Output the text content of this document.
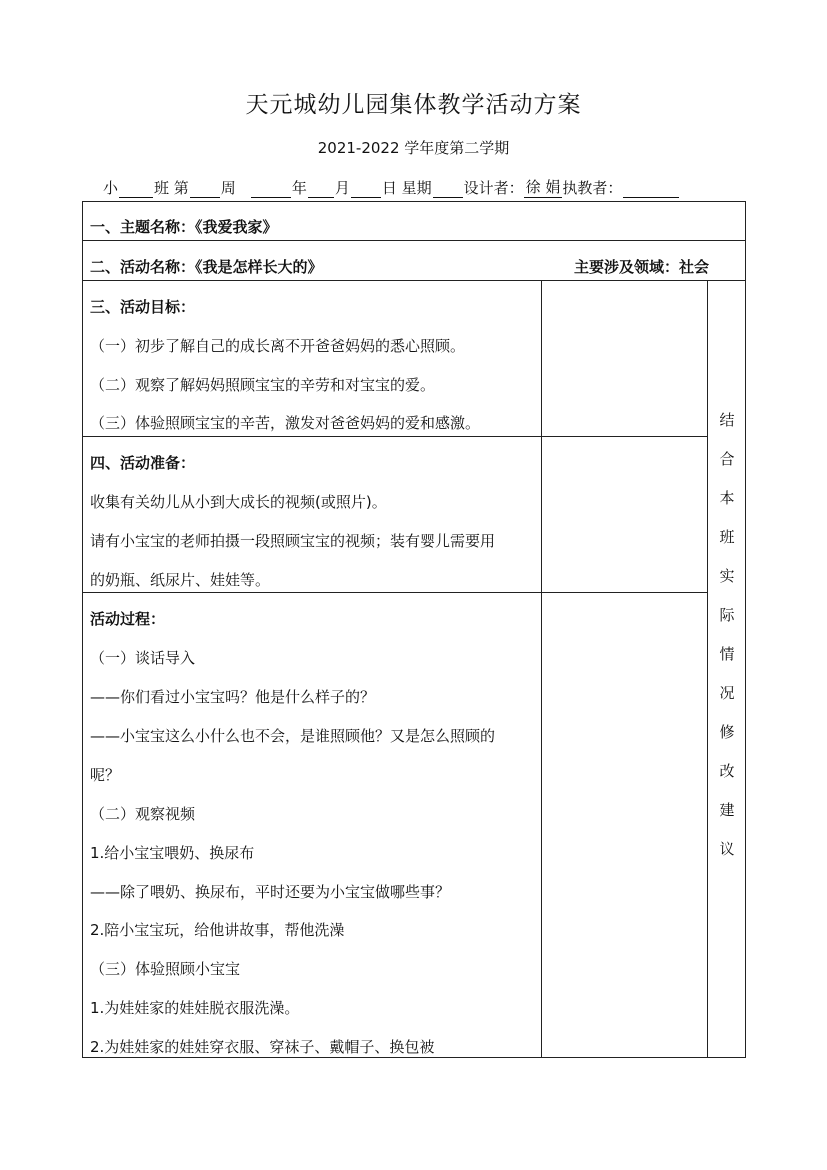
天元城幼儿园集体教学活动方案
2021-2022 学年度第二学期
小 班 第 周	年 月 日 星期 设计者： 徐 娟 执教者：
一、主题名称：《我爱我家》
二、活动名称：《我是怎样长大的》	主要涉及领域：社会
三、活动目标：
（一）初步了解自己的成长离不开爸爸妈妈的悉心照顾。
（二）观察了解妈妈照顾宝宝的辛劳和对宝宝的爱。
（三）体验照顾宝宝的辛苦，激发对爸爸妈妈的爱和感激。
四、活动准备：
收集有关幼儿从小到大成长的视频(或照片)。
请有小宝宝的老师拍摄一段照顾宝宝的视频；装有婴儿需要用
的奶瓶、纸尿片、娃娃等。
活动过程：
（一）谈话导入
——你们看过小宝宝吗？他是什么样子的？
——小宝宝这么小什么也不会，是谁照顾他？又是怎么照顾的
呢？
（二）观察视频
1.给小宝宝喂奶、换尿布
——除了喂奶、换尿布，平时还要为小宝宝做哪些事？
2.陪小宝宝玩，给他讲故事，帮他洗澡
（三）体验照顾小宝宝
1.为娃娃家的娃娃脱衣服洗澡。
2.为娃娃家的娃娃穿衣服、穿袜子、戴帽子、换包被
结
合
本
班
实
际
情
况
修
改
建
议
